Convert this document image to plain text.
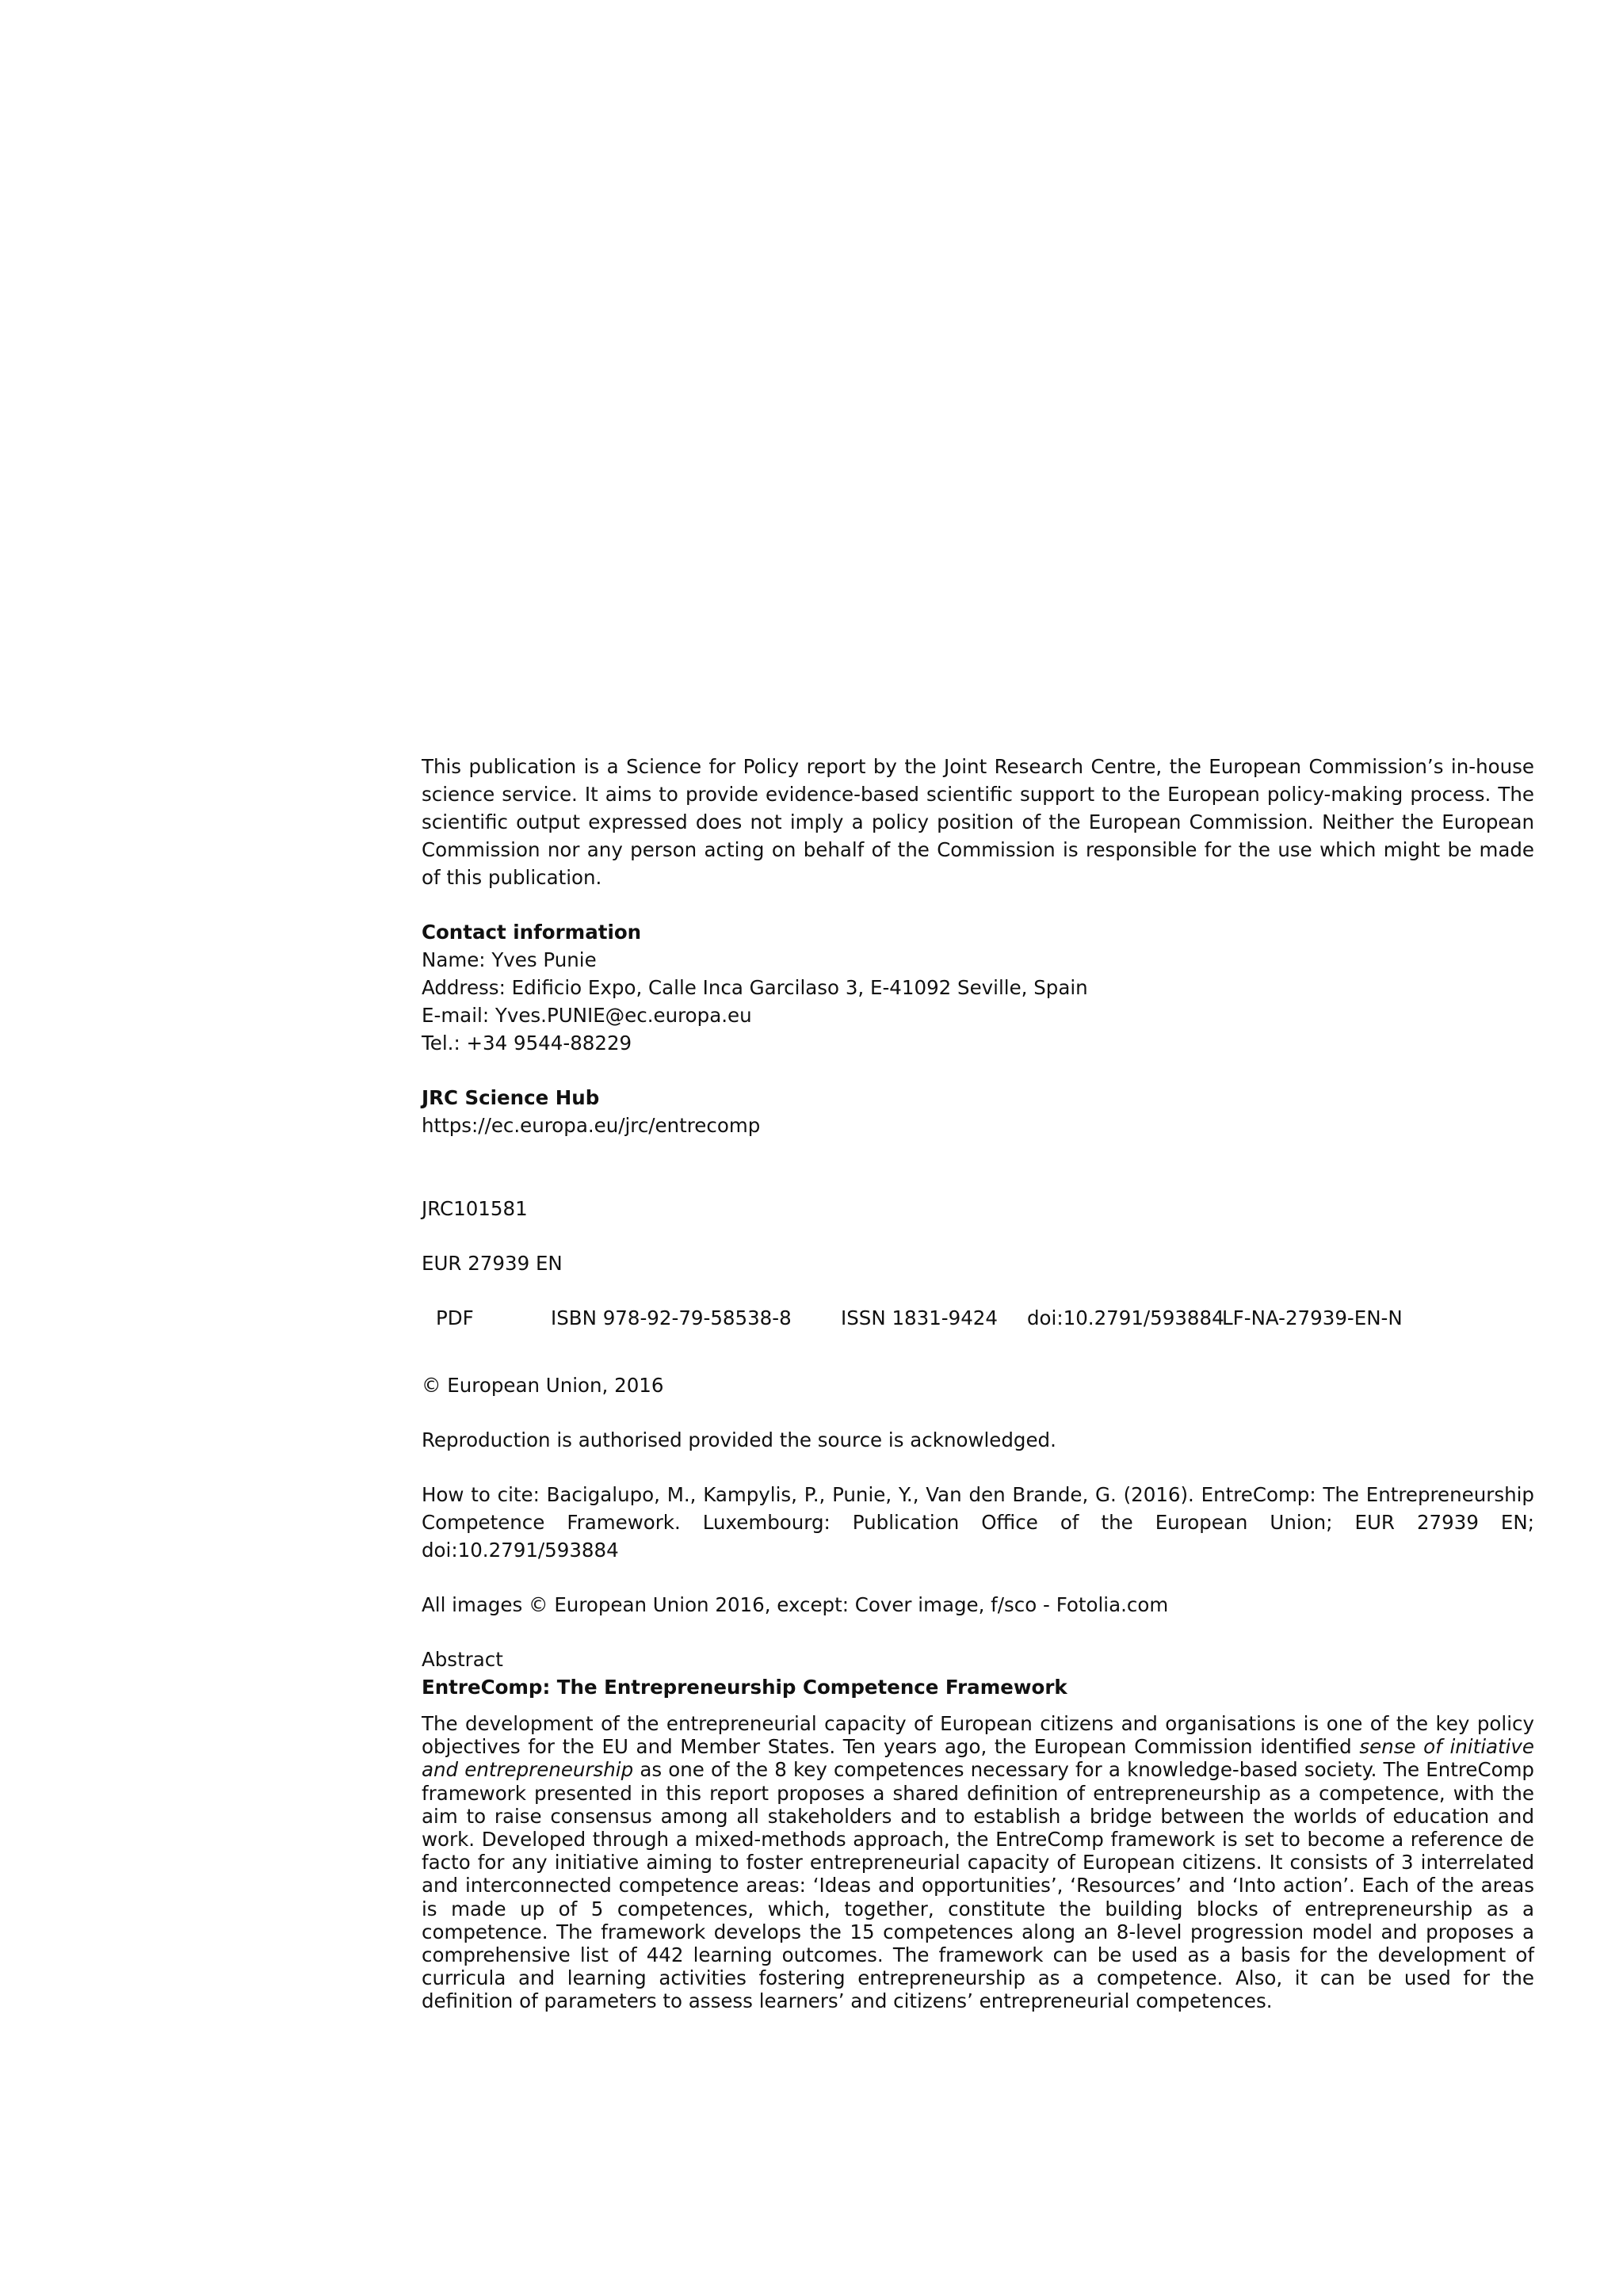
This publication is a Science for Policy report by the Joint Research Centre, the European Commission’s in-house science service. It aims to provide evidence-based scientific support to the European policy-making process. The scientific output expressed does not imply a policy position of the European Commission. Neither the European Commission nor any person acting on behalf of the Commission is responsible for the use which might be made of this publication.

Contact information

Name: Yves Punie

Address: Edificio Expo, Calle Inca Garcilaso 3, E-41092 Seville, Spain

E-mail: Yves.PUNIE@ec.europa.eu

Tel.: +34 9544-88229

JRC Science Hub

https://ec.europa.eu/jrc/entrecomp

JRC101581

EUR 27939 EN

PDF	ISBN 978-92-79-58538-8	ISSN 1831-9424	doi:10.2791/593884
LF-NA-27939-EN-N

© European Union, 2016

Reproduction is authorised provided the source is acknowledged.

How to cite: Bacigalupo, M., Kampylis, P., Punie, Y., Van den Brande, G. (2016). EntreComp: The Entrepreneurship Competence Framework. Luxembourg: Publication Office of the European Union; EUR 27939 EN; doi:10.2791/593884

All images © European Union 2016, except: Cover image, f/sco - Fotolia.com

Abstract

EntreComp: The Entrepreneurship Competence Framework

The development of the entrepreneurial capacity of European citizens and organisations is one of the key policy objectives for the EU and Member States. Ten years ago, the European Commission identified sense of initiative and entrepreneurship as one of the 8 key competences necessary for a knowledge-based society. The EntreComp framework presented in this report proposes a shared definition of entrepreneurship as a competence, with the aim to raise consensus among all stakeholders and to establish a bridge between the worlds of education and work. Developed through a mixed-methods approach, the EntreComp framework is set to become a reference de facto for any initiative aiming to foster entrepreneurial capacity of European citizens. It consists of 3 interrelated and interconnected competence areas: ‘Ideas and opportunities’, ‘Resources’ and ‘Into action’. Each of the areas is made up of 5 competences, which, together, constitute the building blocks of entrepreneurship as a competence. The framework develops the 15 competences along an 8-level progression model and proposes a comprehensive list of 442 learning outcomes. The framework can be used as a basis for the development of curricula and learning activities fostering entrepreneurship as a competence. Also, it can be used for the definition of parameters to assess learners’ and citizens’ entrepreneurial competences.
